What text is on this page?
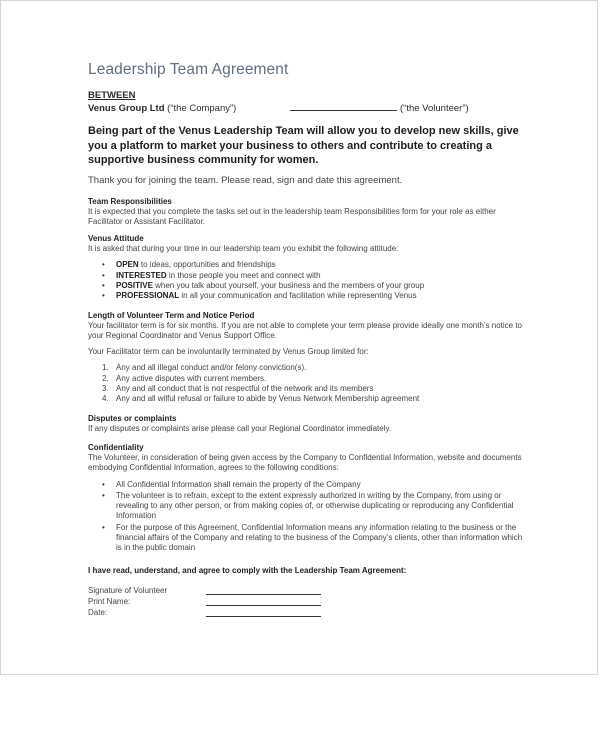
Leadership Team Agreement
BETWEEN
Venus Group Ltd (“the Company”)	(“the Volunteer”)
Being part of the Venus Leadership Team will allow you to develop new skills, give you a platform to market your business to others and contribute to creating a supportive business community for women.
Thank you for joining the team. Please read, sign and date this agreement.
Team Responsibilities

It is expected that you complete the tasks set out in the leadership team Responsibilities form for your role as either Facilitator or Assistant Facilitator.

Venus Attitude

It is asked that during your time in our leadership team you exhibit the following attitude:

• OPEN to ideas, opportunities and friendships
• INTERESTED in those people you meet and connect with
• POSITIVE when you talk about yourself, your business and the members of your group
• PROFESSIONAL in all your communication and facilitation while representing Venus
Length of Volunteer Term and Notice Period

Your facilitator term is for six months. If you are not able to complete your term please provide ideally one month’s notice to your Regional Coordinator and Venus Support Office.

Your Facilitator term can be involuntarily terminated by Venus Group limited for:

1. Any and all illegal conduct and/or felony conviction(s).
2. Any active disputes with current members.
3. Any and all conduct that is not respectful of the network and its members
4. Any and all wilful refusal or failure to abide by Venus Network Membership agreement
Disputes or complaints

If any disputes or complaints arise please call your Regional Coordinator immediately.

Confidentiality

The Volunteer, in consideration of being given access by the Company to Confidential Information, website and documents embodying Confidential Information, agrees to the following conditions:

• All Confidential Information shall remain the property of the Company
• The volunteer is to refrain, except to the extent expressly authorized in writing by the Company, from using or revealing to any other person, or from making copies of, or otherwise duplicating or reproducing any Confidential Information
• For the purpose of this Agreement, Confidential Information means any information relating to the business or the financial affairs of the Company and relating to the business of the Company’s clients, other than information which is in the public domain
I have read, understand, and agree to comply with the Leadership Team Agreement:
Signature of Volunteer
Print Name:
Date:
